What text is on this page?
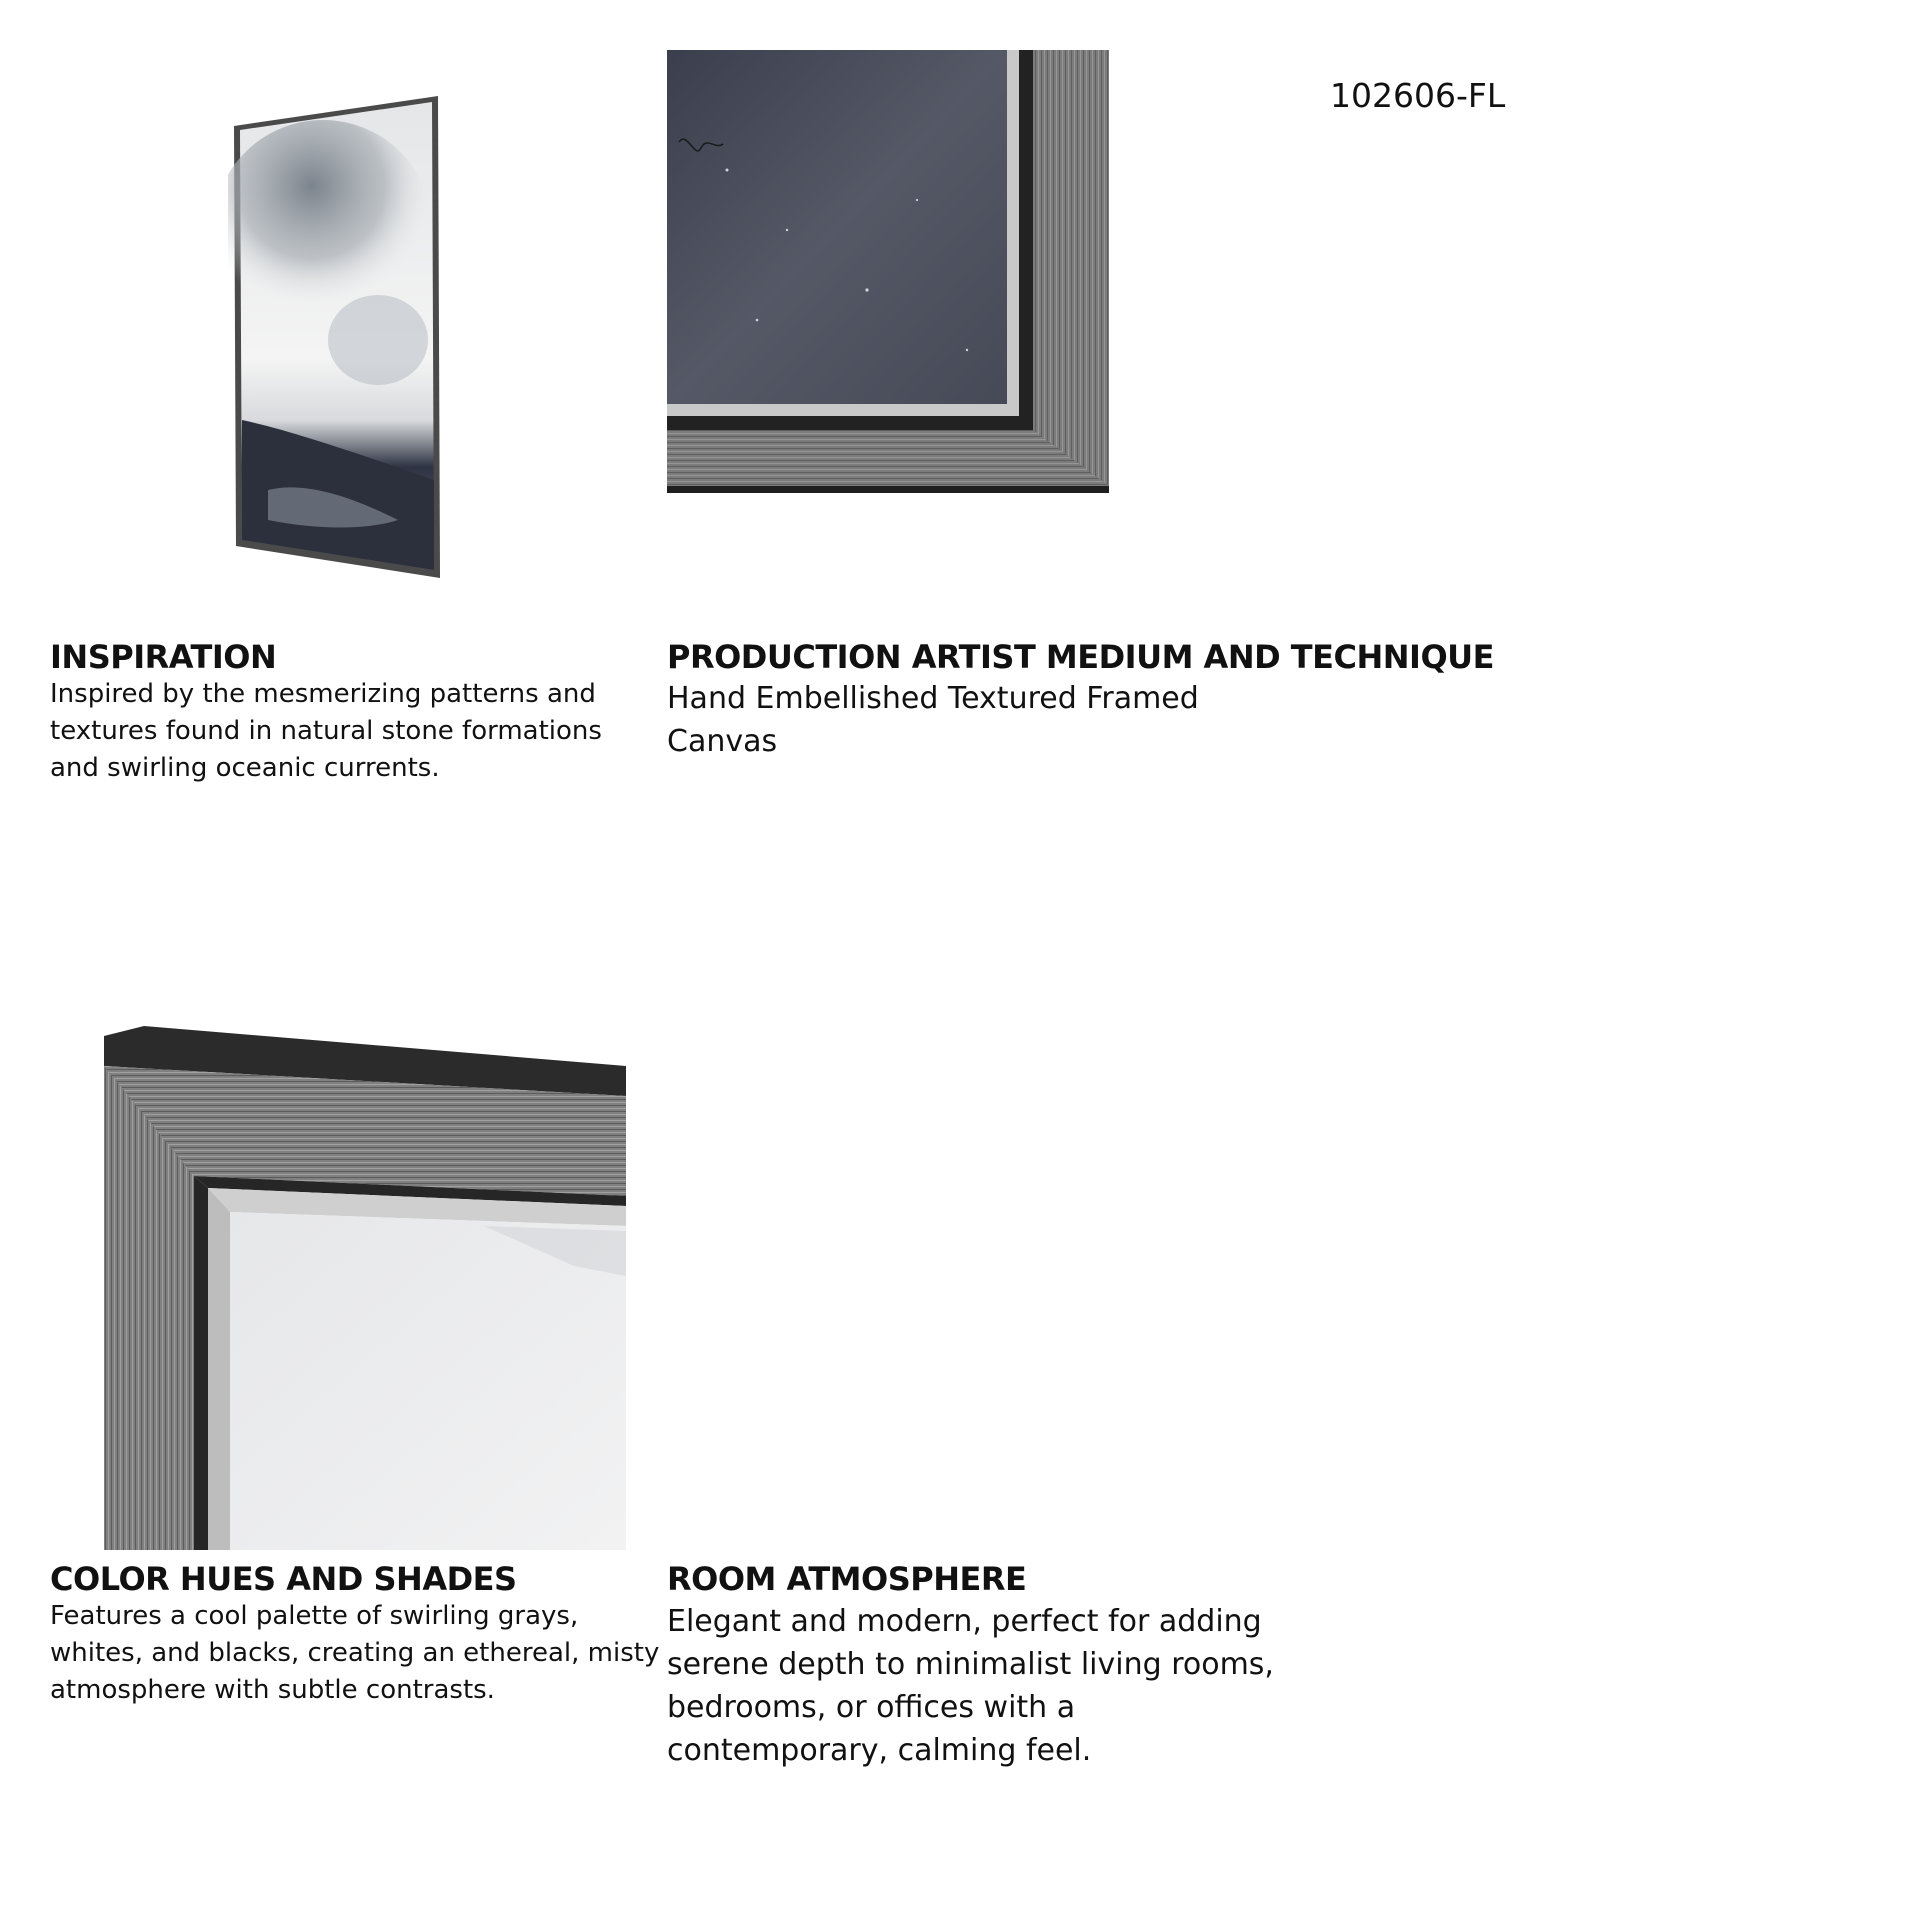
102606-FL
INSPIRATION

Inspired by the mesmerizing patterns and
textures found in natural stone formations
and swirling oceanic currents.

PRODUCTION ARTIST MEDIUM AND TECHNIQUE

Hand Embellished Textured Framed
Canvas

COLOR HUES AND SHADES

Features a cool palette of swirling grays,
whites, and blacks, creating an ethereal, misty
atmosphere with subtle contrasts.

ROOM ATMOSPHERE

Elegant and modern, perfect for adding
serene depth to minimalist living rooms,
bedrooms, or offices with a
contemporary, calming feel.
